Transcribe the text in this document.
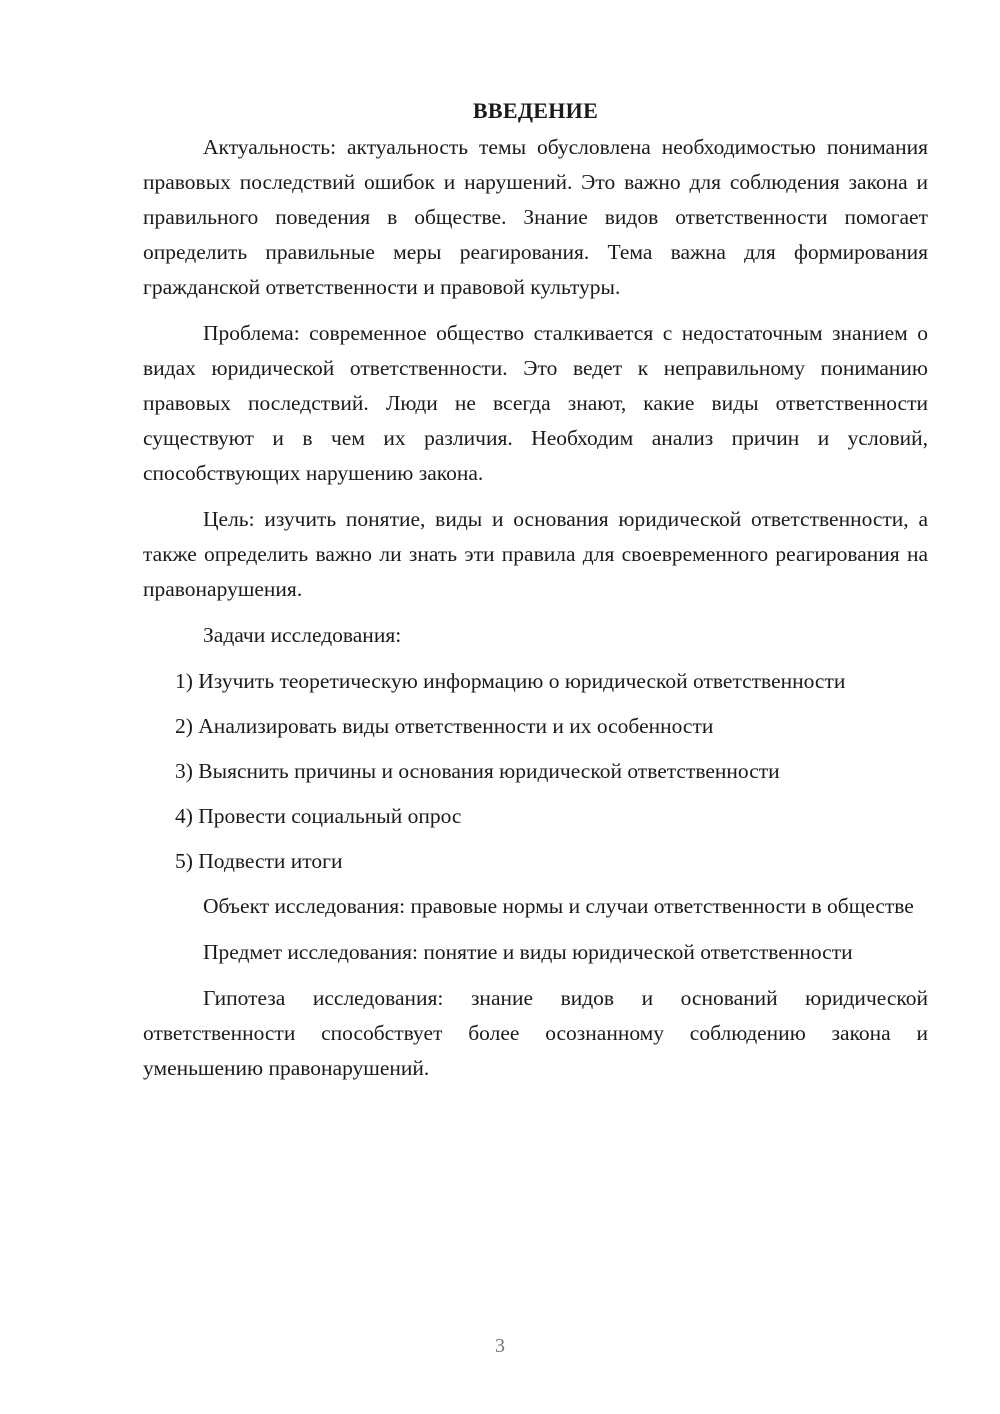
ВВЕДЕНИЕ

Актуальность: актуальность темы обусловлена необходимостью понимания правовых последствий ошибок и нарушений. Это важно для соблюдения закона и правильного поведения в обществе. Знание видов ответственности помогает определить правильные меры реагирования. Тема важна для формирования гражданской ответственности и правовой культуры.

Проблема: современное общество сталкивается с недостаточным знанием о видах юридической ответственности. Это ведет к неправильному пониманию правовых последствий. Люди не всегда знают, какие виды ответственности существуют и в чем их различия. Необходим анализ причин и условий, способствующих нарушению закона.

Цель: изучить понятие, виды и основания юридической ответственности, а также определить важно ли знать эти правила для своевременного реагирования на правонарушения.

Задачи исследования:

1) Изучить теоретическую информацию о юридической ответственности

2) Анализировать виды ответственности и их особенности

3) Выяснить причины и основания юридической ответственности

4) Провести социальный опрос

5) Подвести итоги

Объект исследования: правовые нормы и случаи ответственности в обществе

Предмет исследования: понятие и виды юридической ответственности

Гипотеза исследования: знание видов и оснований юридической ответственности способствует более осознанному соблюдению закона и уменьшению правонарушений.

3
